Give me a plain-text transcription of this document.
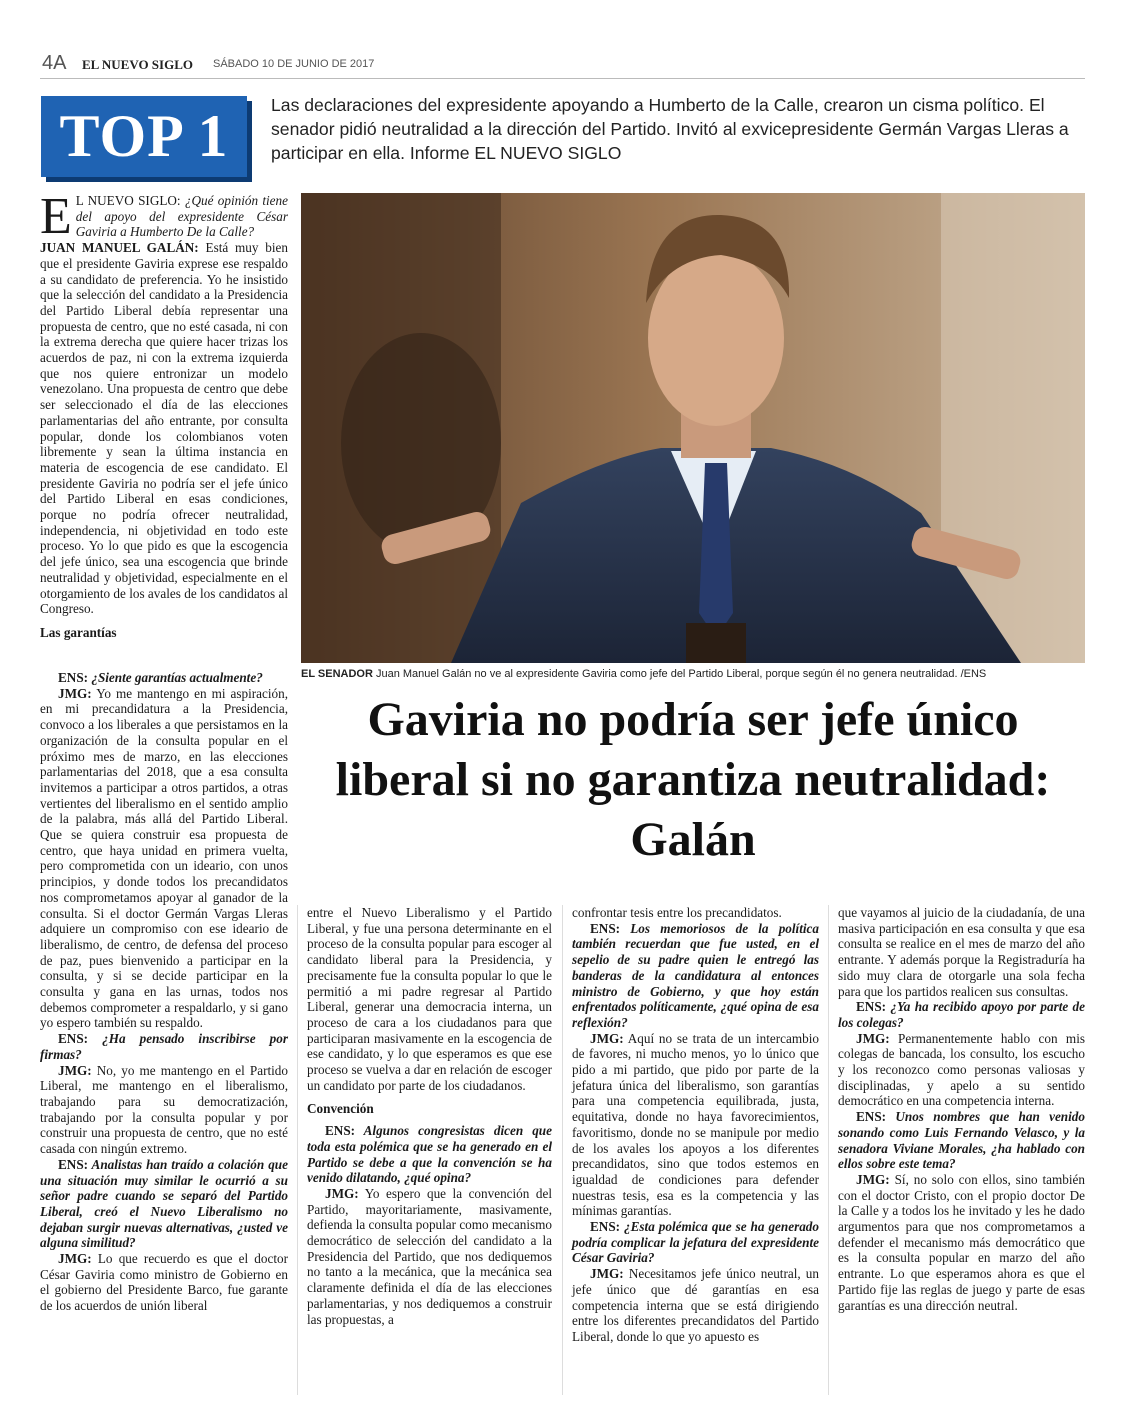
4A EL NUEVO SIGLO SÁBADO 10 DE JUNIO DE 2017
TOP 1	Las declaraciones del expresidente apoyando a Humberto de la Calle, crearon un cisma político. El senador pidió neutralidad a la dirección del Partido. Invitó al exvicepresidente Germán Vargas Lleras a participar en ella. Informe EL NUEVO SIGLO

E L NUEVO SIGLO: ¿Qué opinión tiene del apoyo del expresidente César Gaviria a Humberto De la Calle?

JUAN MANUEL GALÁN: Está muy bien que el presidente Gaviria exprese ese respaldo a su candidato de preferencia. Yo he insistido que la selección del candidato a la Presidencia del Partido Liberal debía representar una propuesta de centro, que no esté casada, ni con la extrema derecha que quiere hacer trizas los acuerdos de paz, ni con la extrema izquierda que nos quiere entronizar un modelo venezolano. Una propuesta de centro que debe ser seleccionado el día de las elecciones parlamentarias del año entrante, por consulta popular, donde los colombianos voten libremente y sean la última instancia en materia de escogencia de ese candidato. El presidente Gaviria no podría ser el jefe único del Partido Liberal en esas condiciones, porque no podría ofrecer neutralidad, independencia, ni objetividad en todo este proceso. Yo lo que pido es que la escogencia del jefe único, sea una escogencia que brinde neutralidad y objetividad, especialmente en el otorgamiento de los avales de los candidatos al Congreso.

Las garantías

ENS: ¿Siente garantías actualmente?

JMG: Yo me mantengo en mi aspiración, en mi precandidatura a la Presidencia, convoco a los liberales a que persistamos en la organización de la consulta popular en el próximo mes de marzo, en las elecciones parlamentarias del 2018, que a esa consulta invitemos a participar a otros partidos, a otras vertientes del liberalismo en el sentido amplio de la palabra, más allá del Partido Liberal. Que se quiera construir esa propuesta de centro, que haya unidad en primera vuelta, pero comprometida con un ideario, con unos principios, y donde todos los precandidatos nos comprometamos apoyar al ganador de la consulta. Si el doctor Germán Vargas Lleras adquiere un compromiso con ese ideario de liberalismo, de centro, de defensa del proceso de paz, pues bienvenido a participar en la consulta, y si se decide participar en la consulta y gana en las urnas, todos nos debemos comprometer a respaldarlo, y si gano yo espero también su respaldo.

ENS: ¿Ha pensado inscribirse por firmas?

JMG: No, yo me mantengo en el Partido Liberal, me mantengo en el liberalismo, trabajando para su democratización, trabajando por la consulta popular y por construir una propuesta de centro, que no esté casada con ningún extremo.

ENS: Analistas han traído a colación que una situación muy similar le ocurrió a su señor padre cuando se separó del Partido Liberal, creó el Nuevo Liberalismo no dejaban surgir nuevas alternativas, ¿usted ve alguna similitud?

JMG: Lo que recuerdo es que el doctor César Gaviria como ministro de Gobierno en el gobierno del Presidente Barco, fue garante de los acuerdos de unión liberal

EL SENADOR Juan Manuel Galán no ve al expresidente Gaviria como jefe del Partido Liberal, porque según él no genera neutralidad. /ENS
Gaviria no podría ser jefe único liberal si no garantiza neutralidad: Galán

entre el Nuevo Liberalismo y el Partido Liberal, y fue una persona determinante en el proceso de la consulta popular para escoger al candidato liberal para la Presidencia, y precisamente fue la consulta popular lo que le permitió a mi padre regresar al Partido Liberal, generar una democracia interna, un proceso de cara a los ciudadanos para que participaran masivamente en la escogencia de ese candidato, y lo que esperamos es que ese proceso se vuelva a dar en relación de escoger un candidato por parte de los ciudadanos.

Convención

ENS: Algunos congresistas dicen que toda esta polémica que se ha generado en el Partido se debe a que la convención se ha venido dilatando, ¿qué opina?

JMG: Yo espero que la convención del Partido, mayoritariamente, masivamente, defienda la consulta popular como mecanismo democrático de selección del candidato a la Presidencia del Partido, que nos dediquemos no tanto a la mecánica, que la mecánica sea claramente definida el día de las elecciones parlamentarias, y nos dediquemos a construir las propuestas, a

confrontar tesis entre los precandidatos.

ENS: Los memoriosos de la política también recuerdan que fue usted, en el sepelio de su padre quien le entregó las banderas de la candidatura al entonces ministro de Gobierno, y que hoy están enfrentados políticamente, ¿qué opina de esa reflexión?

JMG: Aquí no se trata de un intercambio de favores, ni mucho menos, yo lo único que pido a mi partido, que pido por parte de la jefatura única del liberalismo, son garantías para una competencia equilibrada, justa, equitativa, donde no haya favorecimientos, favoritismo, donde no se manipule por medio de los avales los apoyos a los diferentes precandidatos, sino que todos estemos en igualdad de condiciones para defender nuestras tesis, esa es la competencia y las mínimas garantías.

ENS: ¿Esta polémica que se ha generado podría complicar la jefatura del expresidente César Gaviria?

JMG: Necesitamos jefe único neutral, un jefe único que dé garantías en esa competencia interna que se está dirigiendo entre los diferentes precandidatos del Partido Liberal, donde lo que yo apuesto es

que vayamos al juicio de la ciudadanía, de una masiva participación en esa consulta y que esa consulta se realice en el mes de marzo del año entrante. Y además porque la Registraduría ha sido muy clara de otorgarle una sola fecha para que los partidos realicen sus consultas.

ENS: ¿Ya ha recibido apoyo por parte de los colegas?

JMG: Permanentemente hablo con mis colegas de bancada, los consulto, los escucho y los reconozco como personas valiosas y disciplinadas, y apelo a su sentido democrático en una competencia interna.

ENS: Unos nombres que han venido sonando como Luis Fernando Velasco, y la senadora Viviane Morales, ¿ha hablado con ellos sobre este tema?

JMG: Sí, no solo con ellos, sino también con el doctor Cristo, con el propio doctor De la Calle y a todos los he invitado y les he dado argumentos para que nos comprometamos a defender el mecanismo más democrático que es la consulta popular en marzo del año entrante. Lo que esperamos ahora es que el Partido fije las reglas de juego y parte de esas garantías es una dirección neutral.
